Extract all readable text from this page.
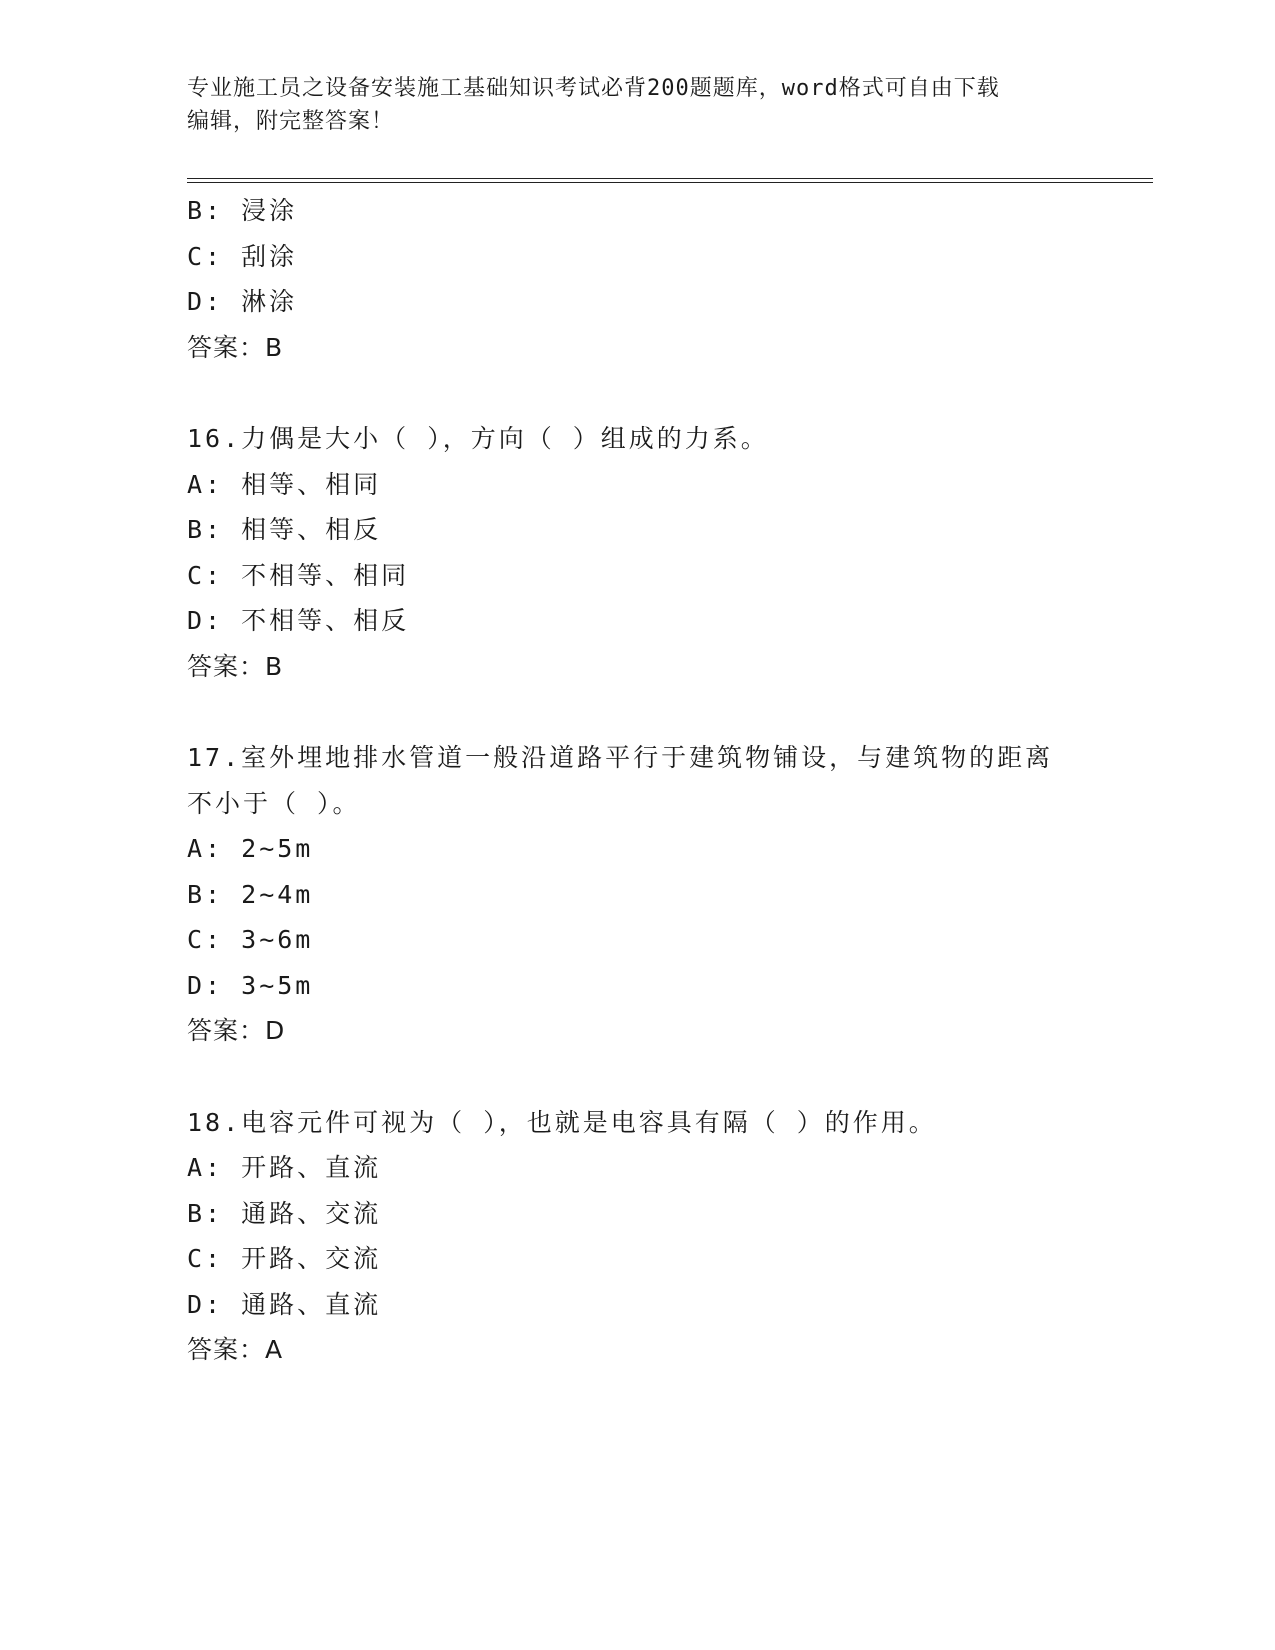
专业施工员之设备安装施工基础知识考试必背200题题库，word格式可自由下载
编辑，附完整答案！
B: 浸涂
C: 刮涂
D: 淋涂
答案：B
16.力偶是大小（ ），方向（ ）组成的力系。
A: 相等、相同
B: 相等、相反
C: 不相等、相同
D: 不相等、相反
答案：B
17.室外埋地排水管道一般沿道路平行于建筑物铺设，与建筑物的距离
不小于（ ）。
A: 2~5m
B: 2~4m
C: 3~6m
D: 3~5m
答案：D
18.电容元件可视为（ ），也就是电容具有隔（ ）的作用。
A: 开路、直流
B: 通路、交流
C: 开路、交流
D: 通路、直流
答案：A
